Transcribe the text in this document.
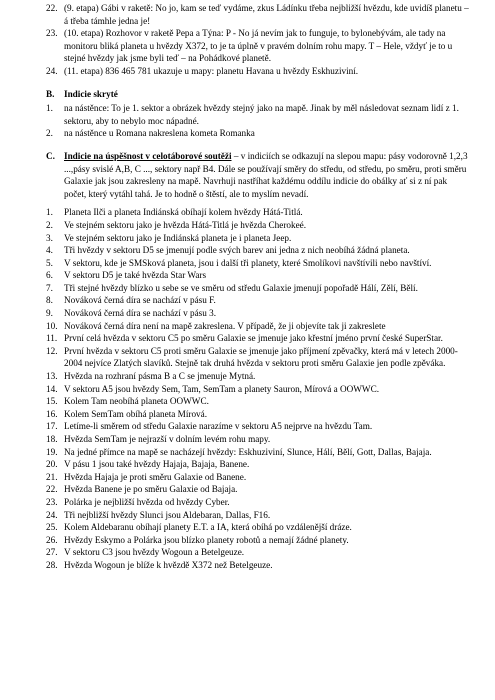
22. (9. etapa) Gábi v raketě: No jo, kam se teď vydáme, zkus Ládínku třeba nejbližší hvězdu, kde uvidíš planetu – á třeba támhle jedna je!
23. (10. etapa) Rozhovor v raketě Pepa a Týna: P - No já nevím jak to funguje, to bylonebývám, ale tady na monitoru bliká planeta u hvězdy X372, to je ta úplně v pravém dolním rohu mapy. T – Hele, vždyť je to u stejné hvězdy jak jsme byli teď – na Pohádkové planetě.
24. (11. etapa) 836 465 781 ukazuje u mapy: planetu Havana u hvězdy Eskhuziviní.
B.	Indicie skryté
1.	na nástěnce: To je 1. sektor a obrázek hvězdy stejný jako na mapě. Jinak by měl následovat seznam lidí z 1. sektoru, aby to nebylo moc nápadné.
2.	na nástěnce u Romana nakreslena kometa Romanka
C. Indicie na úspěšnost v celotáborové soutěži – v indiciích se odkazují na slepou mapu: pásy vodorovně 1,2,3 ...,pásy svislé A,B, C ..., sektory např B4. Dále se používají směry do středu, od středu, po směru, proti směru Galaxie jak jsou zakresleny na mapě. Navrhuji nastříhat každému oddílu indicie do obálky ať si z ní pak počet, který vytáhl tahá. Je to hodně o štěstí, ale to myslím nevadí.
1.	Planeta Ilči a planeta Indiánská obíhají kolem hvězdy Hátá-Titlá.
2.	Ve stejném sektoru jako je hvězda Hátá-Titlá je hvězda Cherokeé.
3.	Ve stejném sektoru jako je Indiánská planeta je i planeta Jeep.
4.	Tři hvězdy v sektoru D5 se jmenují podle svých barev ani jedna z nich neobíhá žádná planeta.
5.	V sektoru, kde je SMSková planeta, jsou i další tři planety, které Smolíkovi navštívili nebo navštíví.
6.	V sektoru D5 je také hvězda Star Wars
7.	Tři stejné hvězdy blízko u sebe se ve směru od středu Galaxie jmenují popořadě Hálí, Zělí, Bělí.
8.	Nováková černá díra se nachází v pásu F.
9.	Nováková černá díra se nachází v pásu 3.
10. Nováková černá díra není na mapě zakreslena. V případě, že ji objevíte tak ji zakreslete
11. První celá hvězda v sektoru C5 po směru Galaxie se jmenuje jako křestní jméno první české SuperStar.
12. První hvězda v sektoru C5 proti směru Galaxie se jmenuje jako příjmení zpěvačky, která má v letech 2000-2004 nejvíce Zlatých slavíků. Stejně tak druhá hvězda v sektoru proti směru Galaxie jen podle zpěváka.
13. Hvězda na rozhraní pásma B a C se jmenuje Mytná.
14. V sektoru A5 jsou hvězdy Sem, Tam, SemTam a planety Sauron, Mírová a OOWWC.
15. Kolem Tam neobíhá planeta OOWWC.
16. Kolem SemTam obíhá planeta Mírová.
17. Letíme-li směrem od středu Galaxie narazíme v sektoru A5 nejprve na hvězdu Tam.
18. Hvězda SemTam je nejrazší v dolním levém rohu mapy.
19. Na jedné přímce na mapě se nacházejí hvězdy: Eskhuziviní, Slunce, Hálí, Bělí, Gott, Dallas, Bajaja.
20. V pásu 1 jsou také hvězdy Hajaja, Bajaja, Banene.
21. Hvězda Hajaja je proti směru Galaxie od Banene.
22. Hvězda Banene je po směru Galaxie od Bajaja.
23. Polárka je nejbližší hvězda od hvězdy Cyber.
24. Tři nejbližší hvězdy Slunci jsou Aldebaran, Dallas, F16.
25. Kolem Aldebaranu obíhají planety E.T. a IA, která obíhá po vzdálenější dráze.
26. Hvězdy Eskymo a Polárka jsou blízko planety robotů a nemají žádné planety.
27. V sektoru C3 jsou hvězdy Wogoun a Betelgeuze.
28. Hvězda Wogoun je blíže k hvězdě X372 než Betelgeuze.
